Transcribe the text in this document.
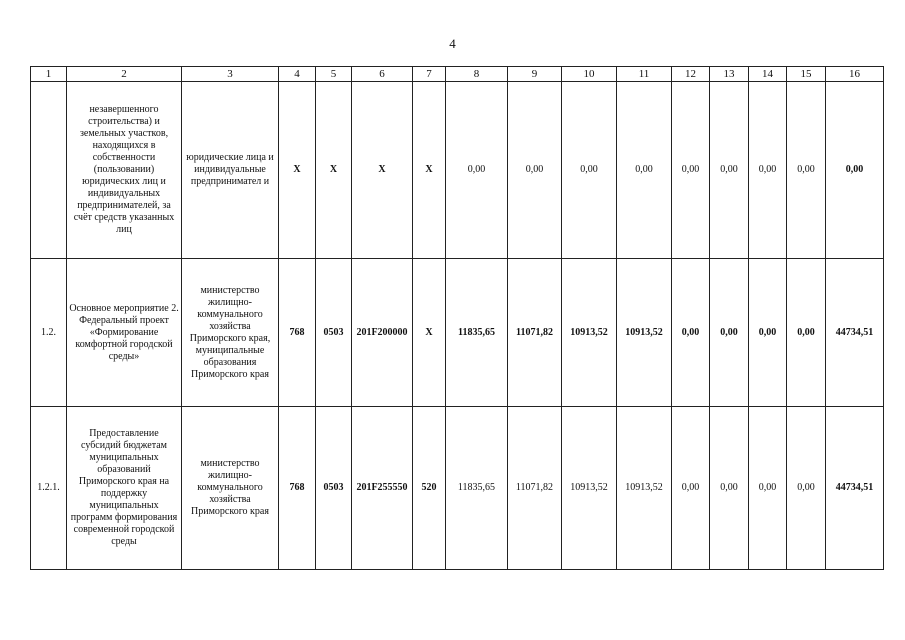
4
1	2	3	4	5	6	7	8	9	10	11	12	13	14	15	16
	незавершенного строительства) и земельных участков, находящихся в собственности (пользовании) юридических лиц и индивидуальных предпринимателей, за счёт средств указанных лиц	юридические лица и индивидуальные предпринимател и	X	X	X	X	0,00	0,00	0,00	0,00	0,00	0,00	0,00	0,00	0,00
1.2.	Основное мероприятие 2. Федеральный проект «Формирование комфортной городской среды»	министерство жилищно-коммунального хозяйства Приморского края, муниципальные образования Приморского края	768	0503	201F200000	X	11835,65	11071,82	10913,52	10913,52	0,00	0,00	0,00	0,00	44734,51
1.2.1.	Предоставление субсидий бюджетам муниципальных образований Приморского края на поддержку муниципальных программ формирования современной городской среды	министерство жилищно-коммунального хозяйства Приморского края	768	0503	201F255550	520	11835,65	11071,82	10913,52	10913,52	0,00	0,00	0,00	0,00	44734,51
